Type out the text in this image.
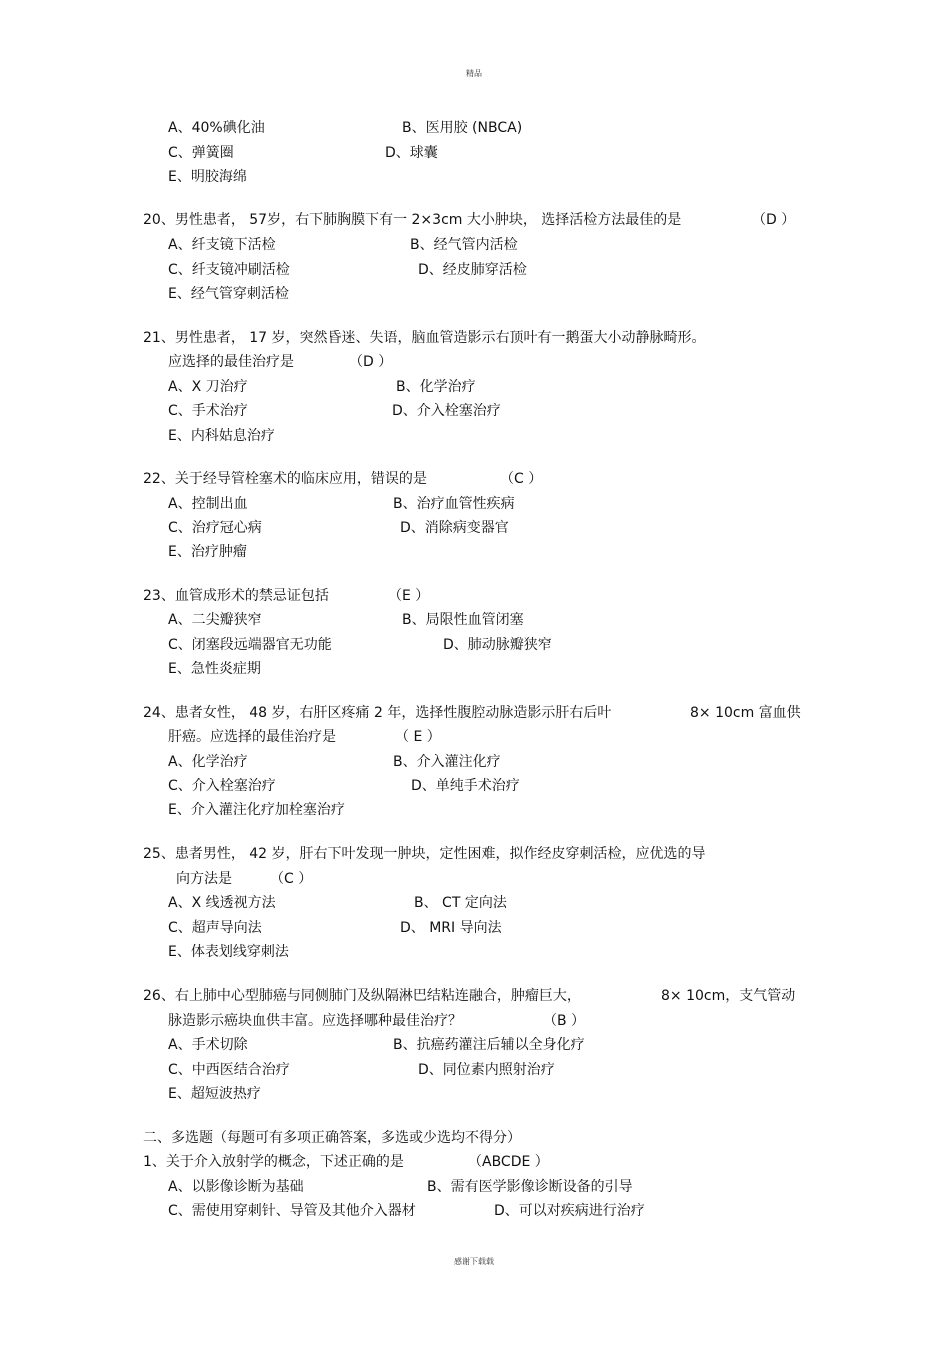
精品
A、40%碘化油	B、医用胶 (NBCA)
C、弹簧圈	D、球囊
E、明胶海绵
20、男性患者， 57岁，右下肺胸膜下有一 2×3cm 大小肿块， 选择活检方法最佳的是	（D ）
A、纤支镜下活检	B、经气管内活检
C、纤支镜冲刷活检	D、经皮肺穿活检
E、经气管穿刺活检
21、男性患者， 17 岁，突然昏迷、失语，脑血管造影示右顶叶有一鹅蛋大小动静脉畸形。
应选择的最佳治疗是	（D ）
A、X 刀治疗	B、化学治疗
C、手术治疗	D、介入栓塞治疗
E、内科姑息治疗
22、关于经导管栓塞术的临床应用，错误的是	（C ）
A、控制出血	B、治疗血管性疾病
C、治疗冠心病	D、消除病变器官
E、治疗肿瘤
23、血管成形术的禁忌证包括	（E ）
A、二尖瓣狭窄	B、局限性血管闭塞
C、闭塞段远端器官无功能	D、肺动脉瓣狭窄
E、急性炎症期
24、患者女性， 48 岁，右肝区疼痛 2 年，选择性腹腔动脉造影示肝右后叶	8× 10cm 富血供
肝癌。应选择的最佳治疗是	（ E ）
A、化学治疗	B、介入灌注化疗
C、介入栓塞治疗	D、单纯手术治疗
E、介入灌注化疗加栓塞治疗
25、患者男性， 42 岁，肝右下叶发现一肿块，定性困难，拟作经皮穿刺活检，应优选的导
向方法是	（C ）
A、X 线透视方法	B、 CT 定向法
C、超声导向法	D、 MRI 导向法
E、体表划线穿刺法
26、右上肺中心型肺癌与同侧肺门及纵隔淋巴结粘连融合，肿瘤巨大，	8× 10cm，支气管动
脉造影示癌块血供丰富。应选择哪种最佳治疗？	（B ）
A、手术切除	B、抗癌药灌注后辅以全身化疗
C、中西医结合治疗	D、同位素内照射治疗
E、超短波热疗
二、多选题（每题可有多项正确答案，多选或少选均不得分）
1、关于介入放射学的概念，下述正确的是	（ABCDE ）
A、以影像诊断为基础	B、需有医学影像诊断设备的引导
C、需使用穿刺针、导管及其他介入器材	D、可以对疾病进行治疗
感谢下载载
